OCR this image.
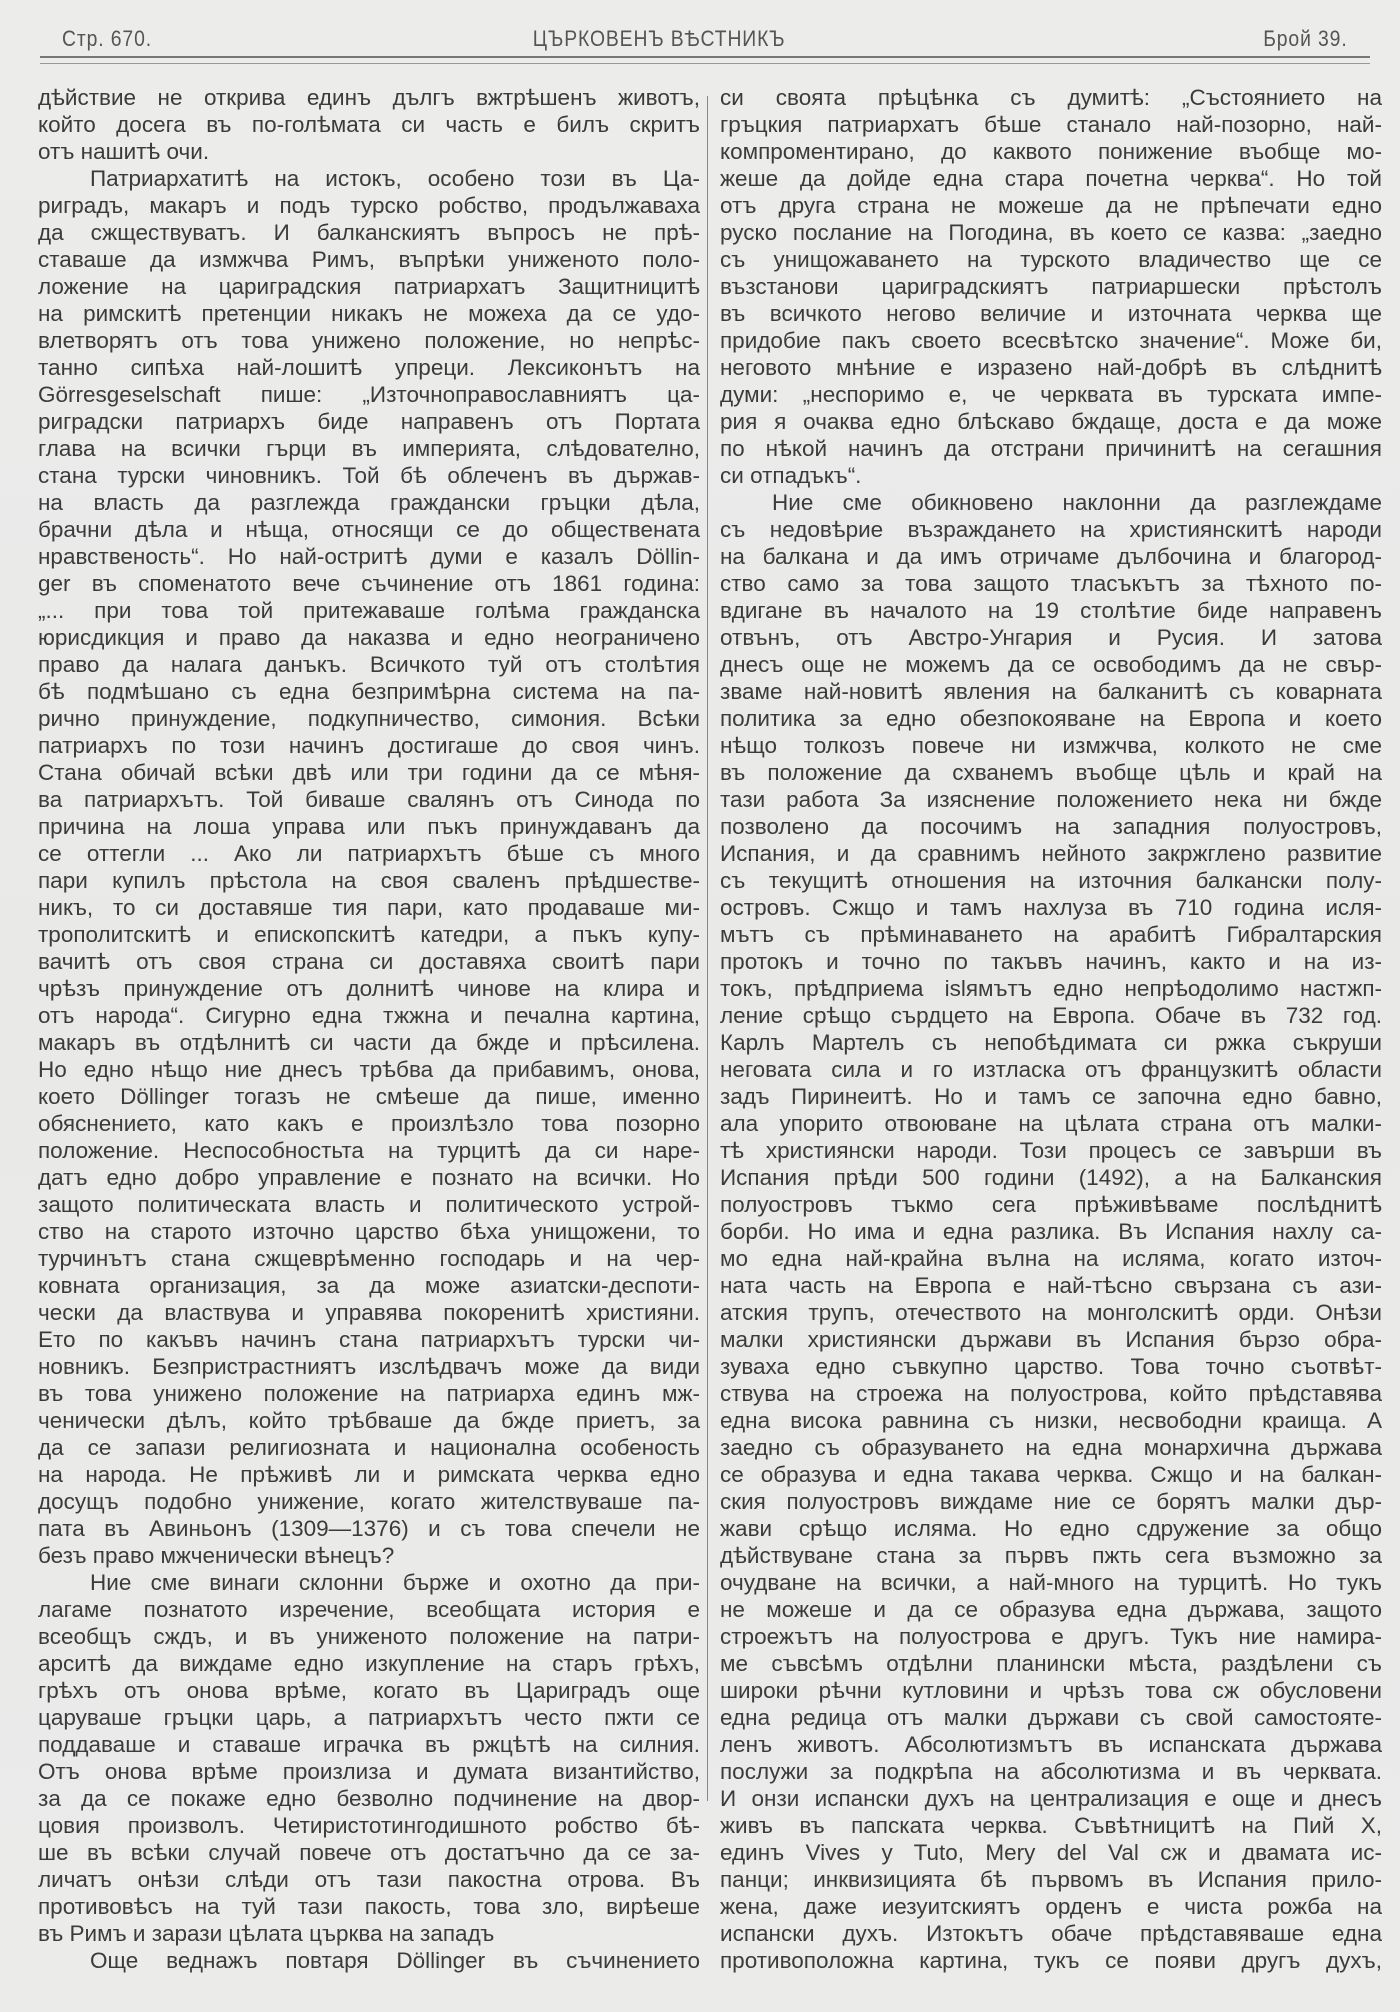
Стр. 670.	ЦЪРКОВЕНЪ ВѢСТНИКЪ	Брой 39.
дѣйствие не открива единъ дългъ вжтрѣшенъ животъ,
който досега въ по-голѣмата си часть е билъ скритъ
отъ нашитѣ очи.
Патриархатитѣ на истокъ, особено този въ Ца-
риградъ, макаръ и подъ турско робство, продължаваха
да сжществуватъ. И балканскиятъ въпросъ не прѣ-
ставаше да измжчва Римъ, въпрѣки униженото поло-
ложение на цариградския патриархатъ Защитницитѣ
на римскитѣ претенции никакъ не можеха да се удо-
влетворятъ отъ това унижено положение, но непрѣс-
танно сипѣха най-лошитѣ упреци. Лексиконътъ на
Görresgeselschaft пише: „Източноправославниятъ ца-
риградски патриархъ биде направенъ отъ Портата
глава на всички гърци въ империята, слѣдователно,
стана турски чиновникъ. Той бѣ облеченъ въ държав-
на власть да разглежда граждански гръцки дѣла,
брачни дѣла и нѣща, относящи се до обществената
нравственость“. Но най-остритѣ думи е казалъ Döllin-
ger въ споменатото вече съчинение отъ 1861 година:
„... при това той притежаваше голѣма гражданска
юрисдикция и право да наказва и едно неограничено
право да налага данъкъ. Всичкото туй отъ столѣтия
бѣ подмѣшано съ една безпримѣрна система на па-
рично принуждение, подкупничество, симония. Всѣки
патриархъ по този начинъ достигаше до своя чинъ.
Стана обичай всѣки двѣ или три години да се мѣня-
ва патриархътъ. Той биваше свалянъ отъ Синода по
причина на лоша управа или пъкъ принуждаванъ да
се оттегли ... Ако ли патриархътъ бѣше съ много
пари купилъ прѣстола на своя сваленъ прѣдшестве-
никъ, то си доставяше тия пари, като продаваше ми-
трополитскитѣ и епископскитѣ катедри, а пъкъ купу-
вачитѣ отъ своя страна си доставяха своитѣ пари
чрѣзъ принуждение отъ долнитѣ чинове на клира и
отъ народа“. Сигурно една тжжна и печална картина,
макаръ въ отдѣлнитѣ си части да бжде и прѣсилена.
Но едно нѣщо ние днесъ трѣбва да прибавимъ, онова,
което Döllinger тогазъ не смѣеше да пише, именно
обяснението, като какъ е произлѣзло това позорно
положение. Неспособностьта на турцитѣ да си наре-
датъ едно добро управление е познато на всички. Но
защото политическата власть и политическото устрой-
ство на старото източно царство бѣха унищожени, то
турчинътъ стана сжщеврѣменно господарь и на чер-
ковната организация, за да може азиатски-деспоти-
чески да властвува и управява покоренитѣ християни.
Ето по какъвъ начинъ стана патриархътъ турски чи-
новникъ. Безпристрастниятъ изслѣдвачъ може да види
въ това унижено положение на патриарха единъ мж-
ченически дѣлъ, който трѣбваше да бжде приетъ, за
да се запази религиозната и национална особеность
на народа. Не прѣживѣ ли и римската черква едно
досущъ подобно унижение, когато жителствуваше па-
пата въ Авиньонъ (1309—1376) и съ това спечели не
безъ право мжченически вѣнецъ?
Ние сме винаги склонни бърже и охотно да при-
лагаме познатото изречение, всеобщата история е
всеобщъ сждъ, и въ униженото положение на патри-
арситѣ да виждаме едно изкупление на старъ грѣхъ,
грѣхъ отъ онова врѣме, когато въ Цариградъ още
царуваше гръцки царь, а патриархътъ често пжти се
поддаваше и ставаше играчка въ ржцѣтѣ на силния.
Отъ онова врѣме произлиза и думата византийство,
за да се покаже едно безволно подчинение на двор-
цовия произволъ. Четиристотингодишното робство бѣ-
ше въ всѣки случай повече отъ достатъчно да се за-
личатъ онѣзи слѣди отъ тази пакостна отрова. Въ
противовѣсъ на туй тази пакость, това зло, вирѣеше
въ Римъ и зарази цѣлата църква на западъ
Още веднажъ повтаря Döllinger въ съчинението
си своята прѣцѣнка съ думитѣ: „Състоянието на
гръцкия патриархатъ бѣше станало най-позорно, най-
компроментирано, до каквото понижение въобще мо-
жеше да дойде една стара почетна черква“. Но той
отъ друга страна не можеше да не прѣпечати едно
руско послание на Погодина, въ което се казва: „заедно
съ унищожаването на турското владичество ще се
възстанови цариградскиятъ патриаршески прѣстолъ
въ всичкото негово величие и източната черква ще
придобие пакъ своето всесвѣтско значение“. Може би,
неговото мнѣние е изразено най-добрѣ въ слѣднитѣ
думи: „неспоримо е, че черквата въ турската импе-
рия я очаква едно блѣскаво бждаще, доста е да може
по нѣкой начинъ да отстрани причинитѣ на сегашния
си отпадъкъ“.
Ние сме обикновено наклонни да разглеждаме
съ недовѣрие възраждането на християнскитѣ народи
на балкана и да имъ отричаме дълбочина и благород-
ство само за това защото тласъкътъ за тѣхното по-
вдигане въ началото на 19 столѣтие биде направенъ
отвънъ, отъ Австро-Унгария и Русия. И затова
днесъ още не можемъ да се освободимъ да не свър-
зваме най-новитѣ явления на балканитѣ съ коварната
политика за едно обезпокояване на Европа и което
нѣщо толкозъ повече ни измжчва, колкото не сме
въ положение да схванемъ въобще цѣль и край на
тази работа За изяснение положението нека ни бжде
позволено да посочимъ на западния полуостровъ,
Испания, и да сравнимъ нейното закржглено развитие
съ текущитѣ отношения на източния балкански полу-
островъ. Сжщо и тамъ нахлуза въ 710 година исля-
мътъ съ прѣминаването на арабитѣ Гибралтарския
протокъ и точно по такъвъ начинъ, както и на из-
токъ, прѣдприема islямътъ едно непрѣодолимо настжп-
ление срѣщо сърдцето на Европа. Обаче въ 732 год.
Карлъ Мартелъ съ непобѣдимата си ржка съкруши
неговата сила и го изтласка отъ французкитѣ области
задъ Пиринеитѣ. Но и тамъ се започна едно бавно,
ала упорито отвоюване на цѣлата страна отъ малки-
тѣ християнски народи. Този процесъ се завърши въ
Испания прѣди 500 години (1492), а на Балканския
полуостровъ тъкмо сега прѣживѣваме послѣднитѣ
борби. Но има и една разлика. Въ Испания нахлу са-
мо една най-крайна вълна на исляма, когато източ-
ната часть на Европа е най-тѣсно свързана съ ази-
атския трупъ, отечеството на монголскитѣ орди. Онѣзи
малки християнски държави въ Испания бързо обра-
зуваха едно съвкупно царство. Това точно съотвѣт-
ствува на строежа на полуострова, който прѣдставява
една висока равнина съ низки, несвободни краища. А
заедно съ образуването на една монархична държава
се образува и една такава черква. Сжщо и на балкан-
ския полуостровъ виждаме ние се борятъ малки дър-
жави срѣщо исляма. Но едно сдружение за общо
дѣйствуване стана за първъ пжть сега възможно за
очудване на всички, а най-много на турцитѣ. Но тукъ
не можеше и да се образува една държава, защото
строежътъ на полуострова е другъ. Тукъ ние намира-
ме съвсѣмъ отдѣлни планински мѣста, раздѣлени съ
широки рѣчни кутловини и чрѣзъ това сж обусловени
една редица отъ малки държави съ свой самостояте-
ленъ животъ. Абсолютизмътъ въ испанската държава
послужи за подкрѣпа на абсолютизма и въ черквата.
И онзи испански духъ на централизация е още и днесъ
живъ въ папската черква. Съвѣтницитѣ на Пий X,
единъ Vives y Tuto, Mery del Val сж и двамата ис-
панци; инквизицията бѣ първомъ въ Испания прило-
жена, даже иезуитскиятъ орденъ е чиста рожба на
испански духъ. Изтокътъ обаче прѣдставяваше една
противоположна картина, тукъ се появи другъ духъ,
